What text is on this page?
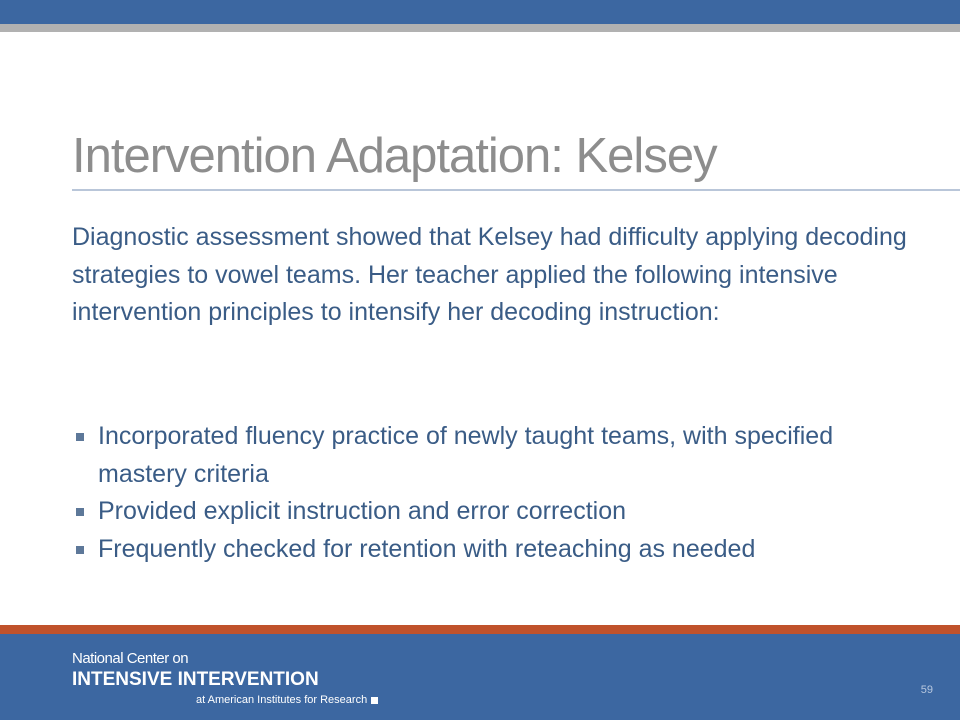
Intervention Adaptation: Kelsey

Diagnostic assessment showed that Kelsey had difficulty applying decoding strategies to vowel teams. Her teacher applied the following intensive intervention principles to intensify her decoding instruction:

Incorporated fluency practice of newly taught teams, with specified mastery criteria
Provided explicit instruction and error correction
Frequently checked for retention with reteaching as needed
National Center on
INTENSIVE INTERVENTION
at American Institutes for Research
59
